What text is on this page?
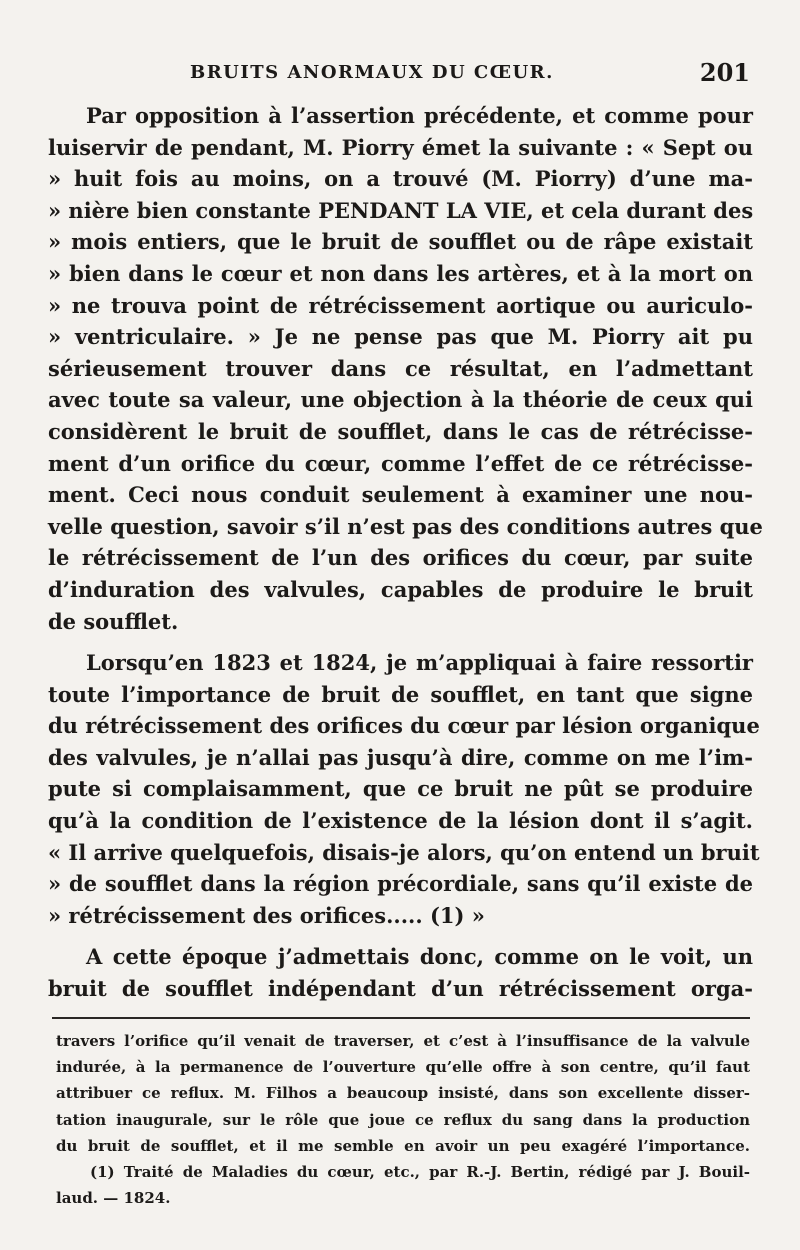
BRUITS ANORMAUX DU CŒUR.	201
Par opposition à l’assertion précédente, et comme pour
luiservir de pendant, M. Piorry émet la suivante : « Sept ou
» huit fois au moins, on a trouvé (M. Piorry) d’une ma-
» nière bien constante PENDANT LA VIE, et cela durant des
» mois entiers, que le bruit de soufflet ou de râpe existait
» bien dans le cœur et non dans les artères, et à la mort on
» ne trouva point de rétrécissement aortique ou auriculo-
» ventriculaire. » Je ne pense pas que M. Piorry ait pu
sérieusement trouver dans ce résultat, en l’admettant
avec toute sa valeur, une objection à la théorie de ceux qui
considèrent le bruit de soufflet, dans le cas de rétrécisse-
ment d’un orifice du cœur, comme l’effet de ce rétrécisse-
ment. Ceci nous conduit seulement à examiner une nou-
velle question, savoir s’il n’est pas des conditions autres que
le rétrécissement de l’un des orifices du cœur, par suite
d’induration des valvules, capables de produire le bruit
de soufflet.
Lorsqu’en 1823 et 1824, je m’appliquai à faire ressortir
toute l’importance de bruit de soufflet, en tant que signe
du rétrécissement des orifices du cœur par lésion organique
des valvules, je n’allai pas jusqu’à dire, comme on me l’im-
pute si complaisamment, que ce bruit ne pût se produire
qu’à la condition de l’existence de la lésion dont il s’agit.
« Il arrive quelquefois, disais-je alors, qu’on entend un bruit
» de soufflet dans la région précordiale, sans qu’il existe de
» rétrécissement des orifices..... (1) »
A cette époque j’admettais donc, comme on le voit, un
bruit de soufflet indépendant d’un rétrécissement orga-
travers l’orifice qu’il venait de traverser, et c’est à l’insuffisance de la valvule
indurée, à la permanence de l’ouverture qu’elle offre à son centre, qu’il faut
attribuer ce reflux. M. Filhos a beaucoup insisté, dans son excellente disser-
tation inaugurale, sur le rôle que joue ce reflux du sang dans la production
du bruit de soufflet, et il me semble en avoir un peu exagéré l’importance.
(1) Traité de Maladies du cœur, etc., par R.-J. Bertin, rédigé par J. Bouil-
laud. — 1824.
